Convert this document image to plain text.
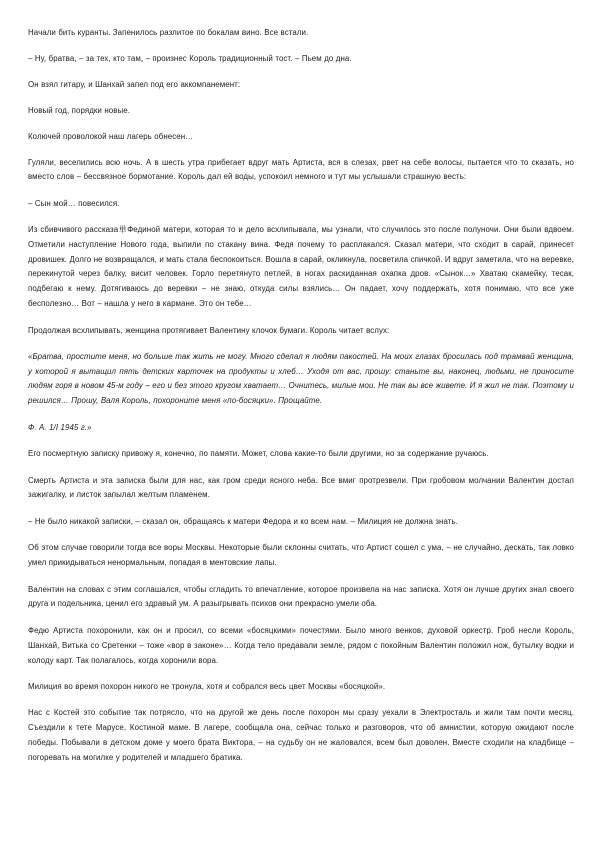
Начали бить куранты. Запенилось разлитое по бокалам вино. Все встали.

– Ну, братва, – за тех, кто там, – произнес Король традиционный тост. – Пьем до дна.

Он взял гитару, и Шанхай запел под его аккомпанемент:

Новый год, порядки новые.

Колючей проволокой наш лагерь обнесен…

Гуляли, веселились всю ночь. А в шесть утра прибегает вдруг мать Артиста, вся в слезах, рвет на себе волосы, пытается что то сказать, но вместо слов – бессвязное бормотание. Король дал ей воды, успокоил немного и тут мы услышали страшную весть:

– Сын мой… повесился.

Из сбивчивого рассказа単Фединой матери, которая то и дело всхлипывала, мы узнали, что случилось это после полуночи. Они были вдвоем. Отметили наступление Нового года, выпили по стакану вина. Федя почему то расплакался. Сказал матери, что сходит в сарай, принесет дровишек. Долго не возвращался, и мать стала беспокоиться. Вошла в сарай, окликнула, посветила спичкой. И вдруг заметила, что на веревке, перекинутой через балку, висит человек. Горло перетянуто петлей, в ногах раскиданная охапка дров. «Сынок…» Хватаю скамейку, тесак, подбегаю к нему. Дотягиваюсь до веревки – не знаю, откуда силы взялись… Он падает, хочу поддержать, хотя понимаю, что все уже бесполезно… Вот – нашла у него в кармане. Это он тебе…

Продолжая всхлипывать, женщина протягивает Валентину клочок бумаги. Король читает вслух:

«Братва, простите меня, но больше так жить не могу. Много сделал я людям пакостей. На моих глазах бросилась под трамвай женщина, у которой я вытащил пять детских карточек на продукты и хлеб… Уходя от вас, прошу: станьте вы, наконец, людьми, не приносите людям горя в новом 45-м году – его и без этого кругом хватает… Очнитесь, милые мои. Не так вы все живете. И я жил не так. Поэтому и решился… Прошу, Валя Король, похороните меня «по-босяцки». Прощайте.

Ф. А. 1/I 1945 г.»

Его посмертную записку привожу я, конечно, по памяти. Может, слова какие-то были другими, но за содержание ручаюсь.

Смерть Артиста и эта записка были для нас, как гром среди ясного неба. Все вмиг протрезвели. При гробовом молчании Валентин достал зажигалку, и листок запылал желтым пламенем.

– Не было никакой записки, – сказал он, обращаясь к матери Федора и ко всем нам. – Милиция не должна знать.

Об этом случае говорили тогда все воры Москвы. Некоторые были склонны считать, что Артист сошел с ума, – не случайно, дескать, так ловко умел прикидываться ненормальным, попадая в ментовские лапы.

Валентин на словах с этим соглашался, чтобы сгладить то впечатление, которое произвела на нас записка. Хотя он лучше других знал своего друга и подельника, ценил его здравый ум. А разыгрывать психов они прекрасно умели оба.

Федю Артиста похоронили, как он и просил, со всеми «босяцкими» почестями. Было много венков, духовой оркестр. Гроб несли Король, Шанхай, Витька со Сретенки – тоже «вор в законе»… Когда тело предавали земле, рядом с покойным Валентин положил нож, бутылку водки и колоду карт. Так полагалось, когда хоронили вора.

Милиция во время похорон никого не тронула, хотя и собрался весь цвет Москвы «босяцкой».

Нас с Костей это событие так потрясло, что на другой же день после похорон мы сразу уехали в Электросталь и жили там почти месяц. Съездили к тете Марусе, Костиной маме. В лагере, сообщала она, сейчас только и разговоров, что об амнистии, которую ожидают после победы. Побывали в детском доме у моего брата Виктора, – на судьбу он не жаловался, всем был доволен. Вместе сходили на кладбище – погоревать на могилке у родителей и младшего братика.
